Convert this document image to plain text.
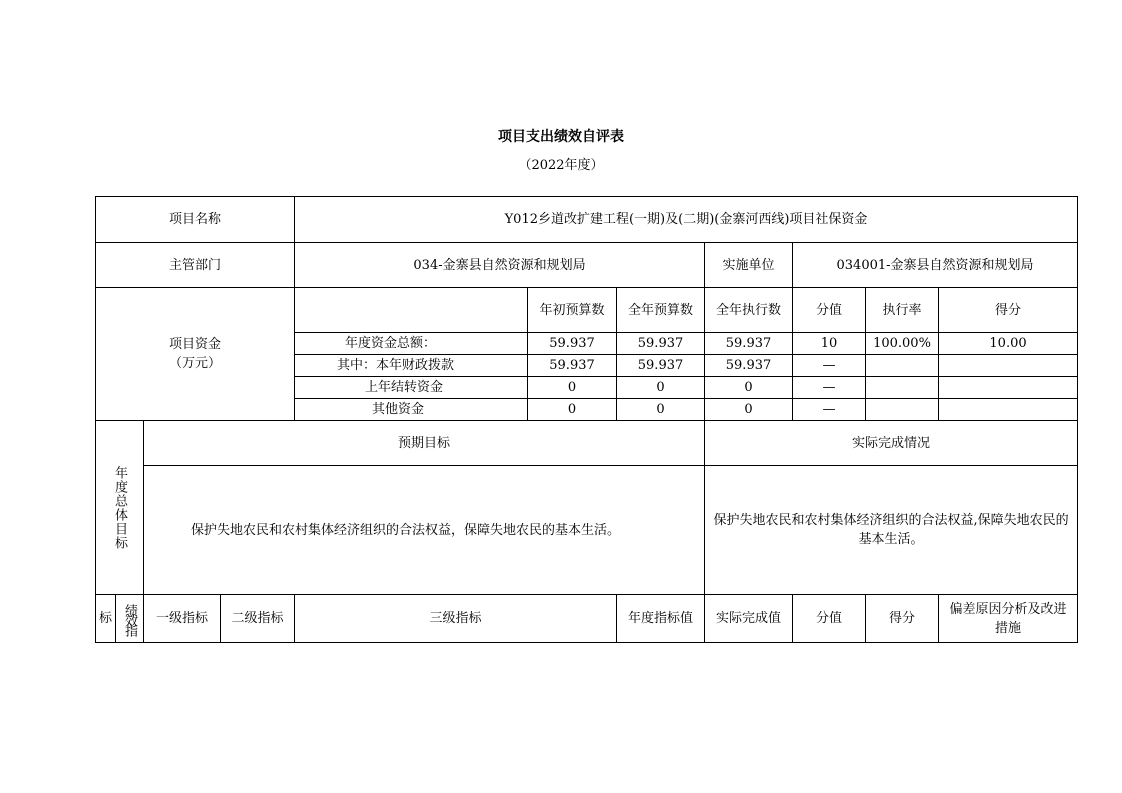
项目支出绩效自评表
（2022年度）
项目名称				Y012乡道改扩建工程(一期)及(二期)(金寨河西线)项目社保资金						
主管部门				034-金寨县自然资源和规划局			实施单位	034001-金寨县自然资源和规划局		

项目资金
（万元）					年初预算数	全年预算数	全年执行数	分值	执行率	得分
				年度资金总额：	59.937	59.937	59.937	10	100.00%	10.00
				其中：本年财政拨款	59.937	59.937	59.937	—		
				上年结转资金	0	0	0	—		
				其他资金	0	0	0	—		

年度总体目标		预期目标					实际完成情况			
		保护失地农民和农村集体经济组织的合法权益，保障失地农民的基本生活。					保护失地农民和农村集体经济组织的合法权益,保障失地农民的基本生活。			
标	绩效指	一级指标	二级指标	三级指标		年度指标值	实际完成值	分值	得分	偏差原因分析及改进措施
